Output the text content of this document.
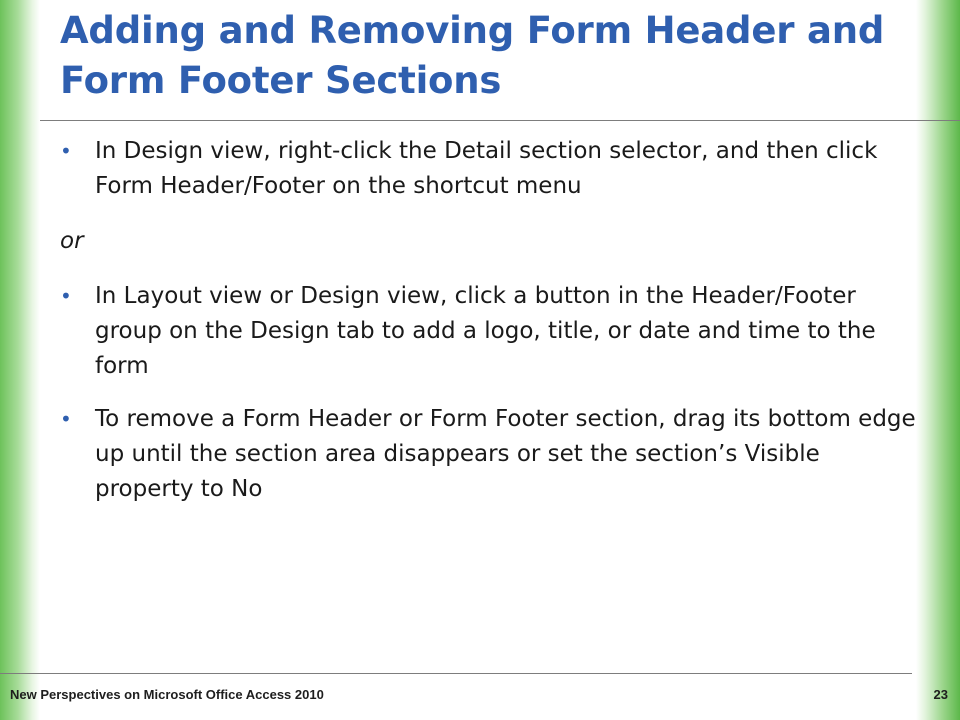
Adding and Removing Form Header and Form Footer Sections
• In Design view, right-click the Detail section selector, and then click Form Header/Footer on the shortcut menu
or
• In Layout view or Design view, click a button in the Header/Footer group on the Design tab to add a logo, title, or date and time to the form
• To remove a Form Header or Form Footer section, drag its bottom edge up until the section area disappears or set the section’s Visible property to No
New Perspectives on Microsoft Office Access 2010	23
